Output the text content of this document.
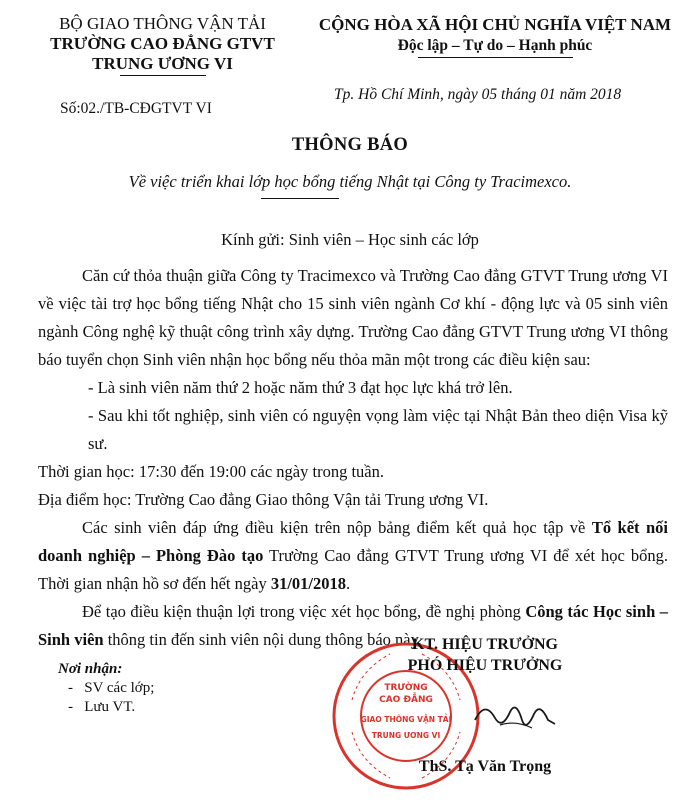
BỘ GIAO THÔNG VẬN TẢI
TRƯỜNG CAO ĐẲNG GTVT
TRUNG ƯƠNG VI
CỘNG HÒA XÃ HỘI CHỦ NGHĨA VIỆT NAM
Độc lập – Tự do – Hạnh phúc
Số:02./TB-CĐGTVT VI
Tp. Hồ Chí Minh, ngày 05 tháng 01 năm 2018
THÔNG BÁO
Về việc triển khai lớp học bổng tiếng Nhật tại Công ty Tracimexco.
Kính gửi: Sinh viên – Học sinh các lớp

Căn cứ thỏa thuận giữa Công ty Tracimexco và Trường Cao đẳng GTVT Trung ương VI về việc tài trợ học bổng tiếng Nhật cho 15 sinh viên ngành Cơ khí - động lực và 05 sinh viên ngành Công nghệ kỹ thuật công trình xây dựng. Trường Cao đẳng GTVT Trung ương VI thông báo tuyển chọn Sinh viên nhận học bổng nếu thỏa mãn một trong các điều kiện sau:

- Là sinh viên năm thứ 2 hoặc năm thứ 3 đạt học lực khá trở lên.

- Sau khi tốt nghiệp, sinh viên có nguyện vọng làm việc tại Nhật Bản theo diện Visa kỹ sư.

Thời gian học: 17:30 đến 19:00 các ngày trong tuần.

Địa điểm học: Trường Cao đẳng Giao thông Vận tải Trung ương VI.

Các sinh viên đáp ứng điều kiện trên nộp bảng điểm kết quả học tập về Tổ kết nối doanh nghiệp – Phòng Đào tạo Trường Cao đẳng GTVT Trung ương VI để xét học bổng. Thời gian nhận hồ sơ đến hết ngày 31/01/2018.

Để tạo điều kiện thuận lợi trong việc xét học bổng, đề nghị phòng Công tác Học sinh – Sinh viên thông tin đến sinh viên nội dung thông báo này.

Nơi nhận:
-   SV các lớp;
-   Lưu VT.
TRƯỜNG
CAO ĐẲNG
GIAO THÔNG VẬN TẢI
TRUNG ƯƠNG VI
KT. HIỆU TRƯỞNG
PHÓ HIỆU TRƯỞNG
ThS. Tạ Văn Trọng
